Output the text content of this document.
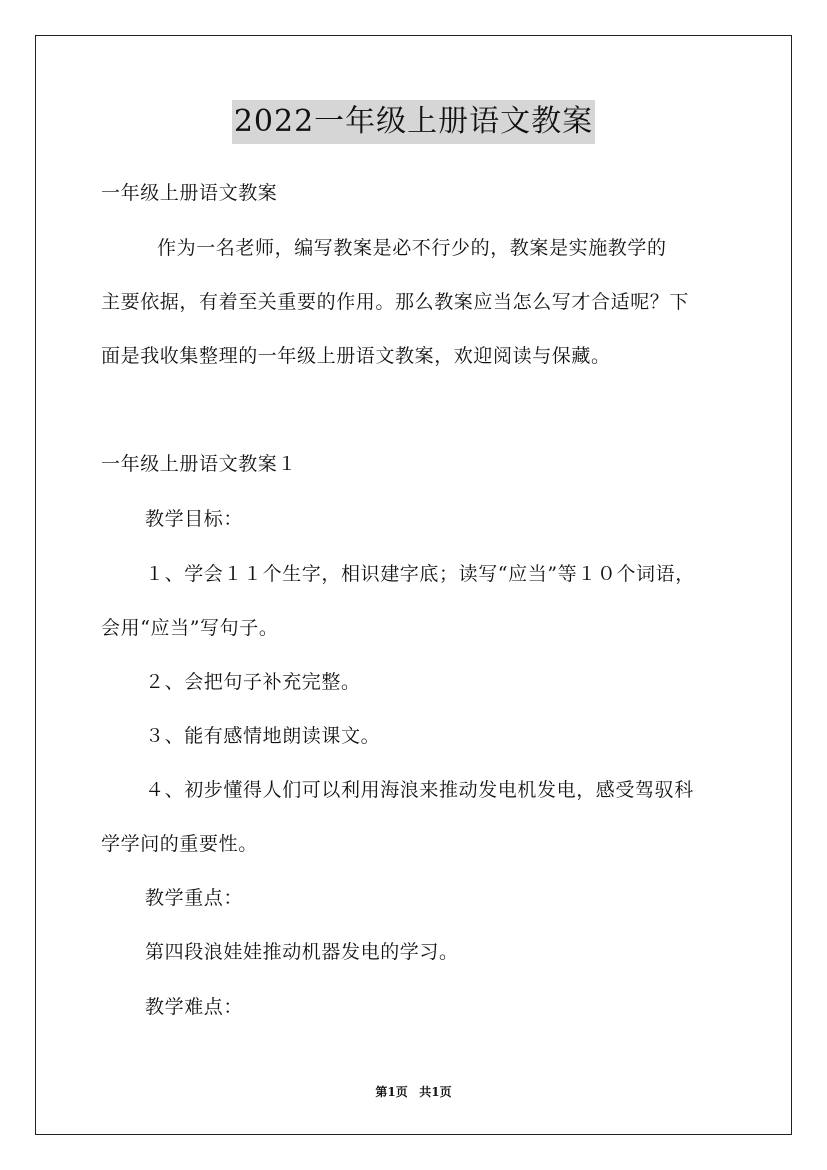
2022一年级上册语文教案
一年级上册语文教案
作为一名老师，编写教案是必不行少的，教案是实施教学的
主要依据，有着至关重要的作用。那么教案应当怎么写才合适呢？下
面是我收集整理的一年级上册语文教案，欢迎阅读与保藏。
一年级上册语文教案１
教学目标：
１、学会１１个生字，相识建字底；读写“应当”等１０个词语，
会用“应当”写句子。
２、会把句子补充完整。
３、能有感情地朗读课文。
４、初步懂得人们可以利用海浪来推动发电机发电，感受驾驭科
学学问的重要性。
教学重点：
第四段浪娃娃推动机器发电的学习。
教学难点：
第1页 共1页
